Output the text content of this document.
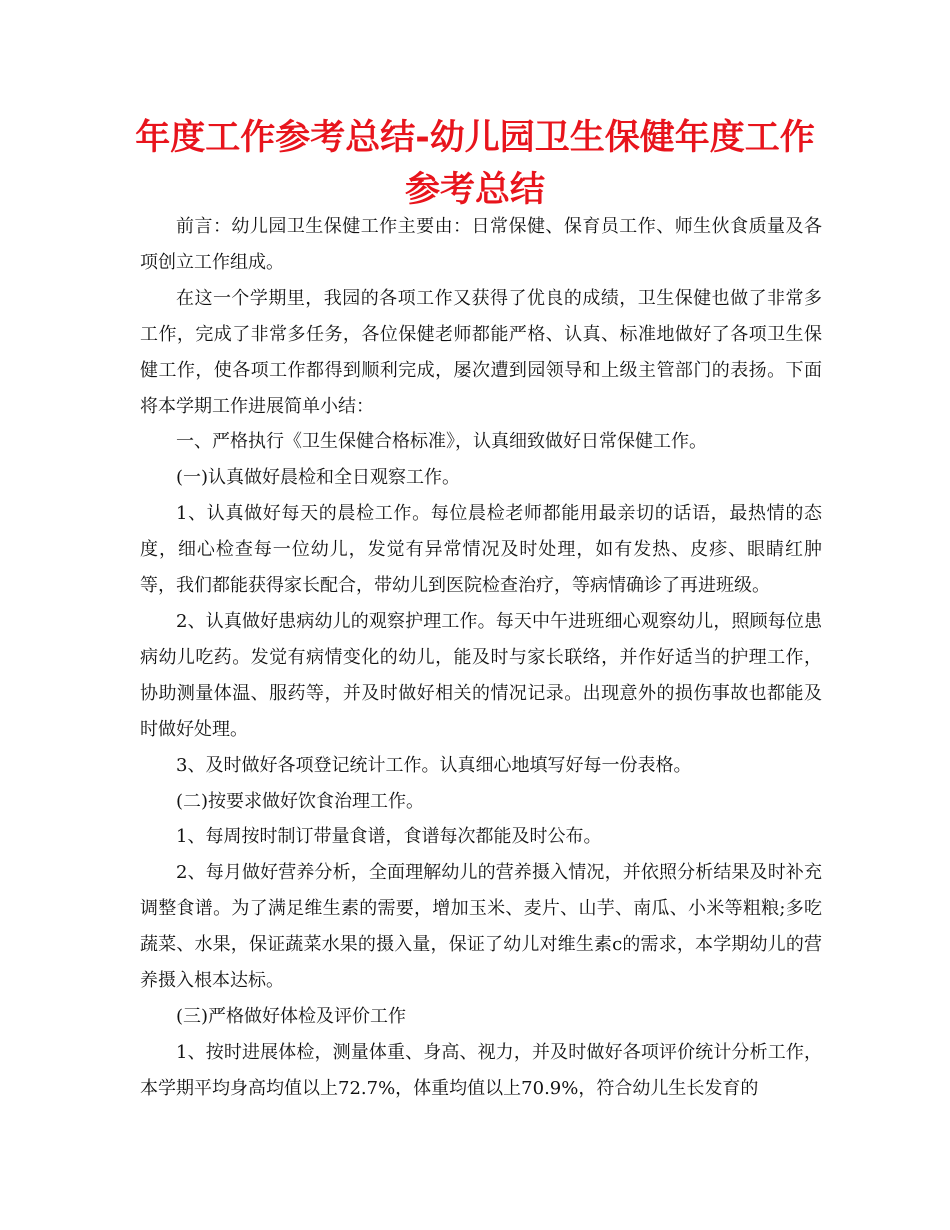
年度工作参考总结-幼儿园卫生保健年度工作参考总结

前言：幼儿园卫生保健工作主要由：日常保健、保育员工作、师生伙食质量及各项创立工作组成。

在这一个学期里，我园的各项工作又获得了优良的成绩，卫生保健也做了非常多工作，完成了非常多任务，各位保健老师都能严格、认真、标准地做好了各项卫生保健工作，使各项工作都得到顺利完成，屡次遭到园领导和上级主管部门的表扬。下面将本学期工作进展简单小结：

一、严格执行《卫生保健合格标准》，认真细致做好日常保健工作。

(一)认真做好晨检和全日观察工作。

1、认真做好每天的晨检工作。每位晨检老师都能用最亲切的话语，最热情的态度，细心检查每一位幼儿，发觉有异常情况及时处理，如有发热、皮疹、眼睛红肿等，我们都能获得家长配合，带幼儿到医院检查治疗，等病情确诊了再进班级。

2、认真做好患病幼儿的观察护理工作。每天中午进班细心观察幼儿，照顾每位患病幼儿吃药。发觉有病情变化的幼儿，能及时与家长联络，并作好适当的护理工作，协助测量体温、服药等，并及时做好相关的情况记录。出现意外的损伤事故也都能及时做好处理。

3、及时做好各项登记统计工作。认真细心地填写好每一份表格。

(二)按要求做好饮食治理工作。

1、每周按时制订带量食谱，食谱每次都能及时公布。

2、每月做好营养分析，全面理解幼儿的营养摄入情况，并依照分析结果及时补充调整食谱。为了满足维生素的需要，增加玉米、麦片、山芋、南瓜、小米等粗粮;多吃蔬菜、水果，保证蔬菜水果的摄入量，保证了幼儿对维生素c的需求，本学期幼儿的营养摄入根本达标。

(三)严格做好体检及评价工作

1、按时进展体检，测量体重、身高、视力，并及时做好各项评价统计分析工作，本学期平均身高均值以上72.7%，体重均值以上70.9%，符合幼儿生长发育的
